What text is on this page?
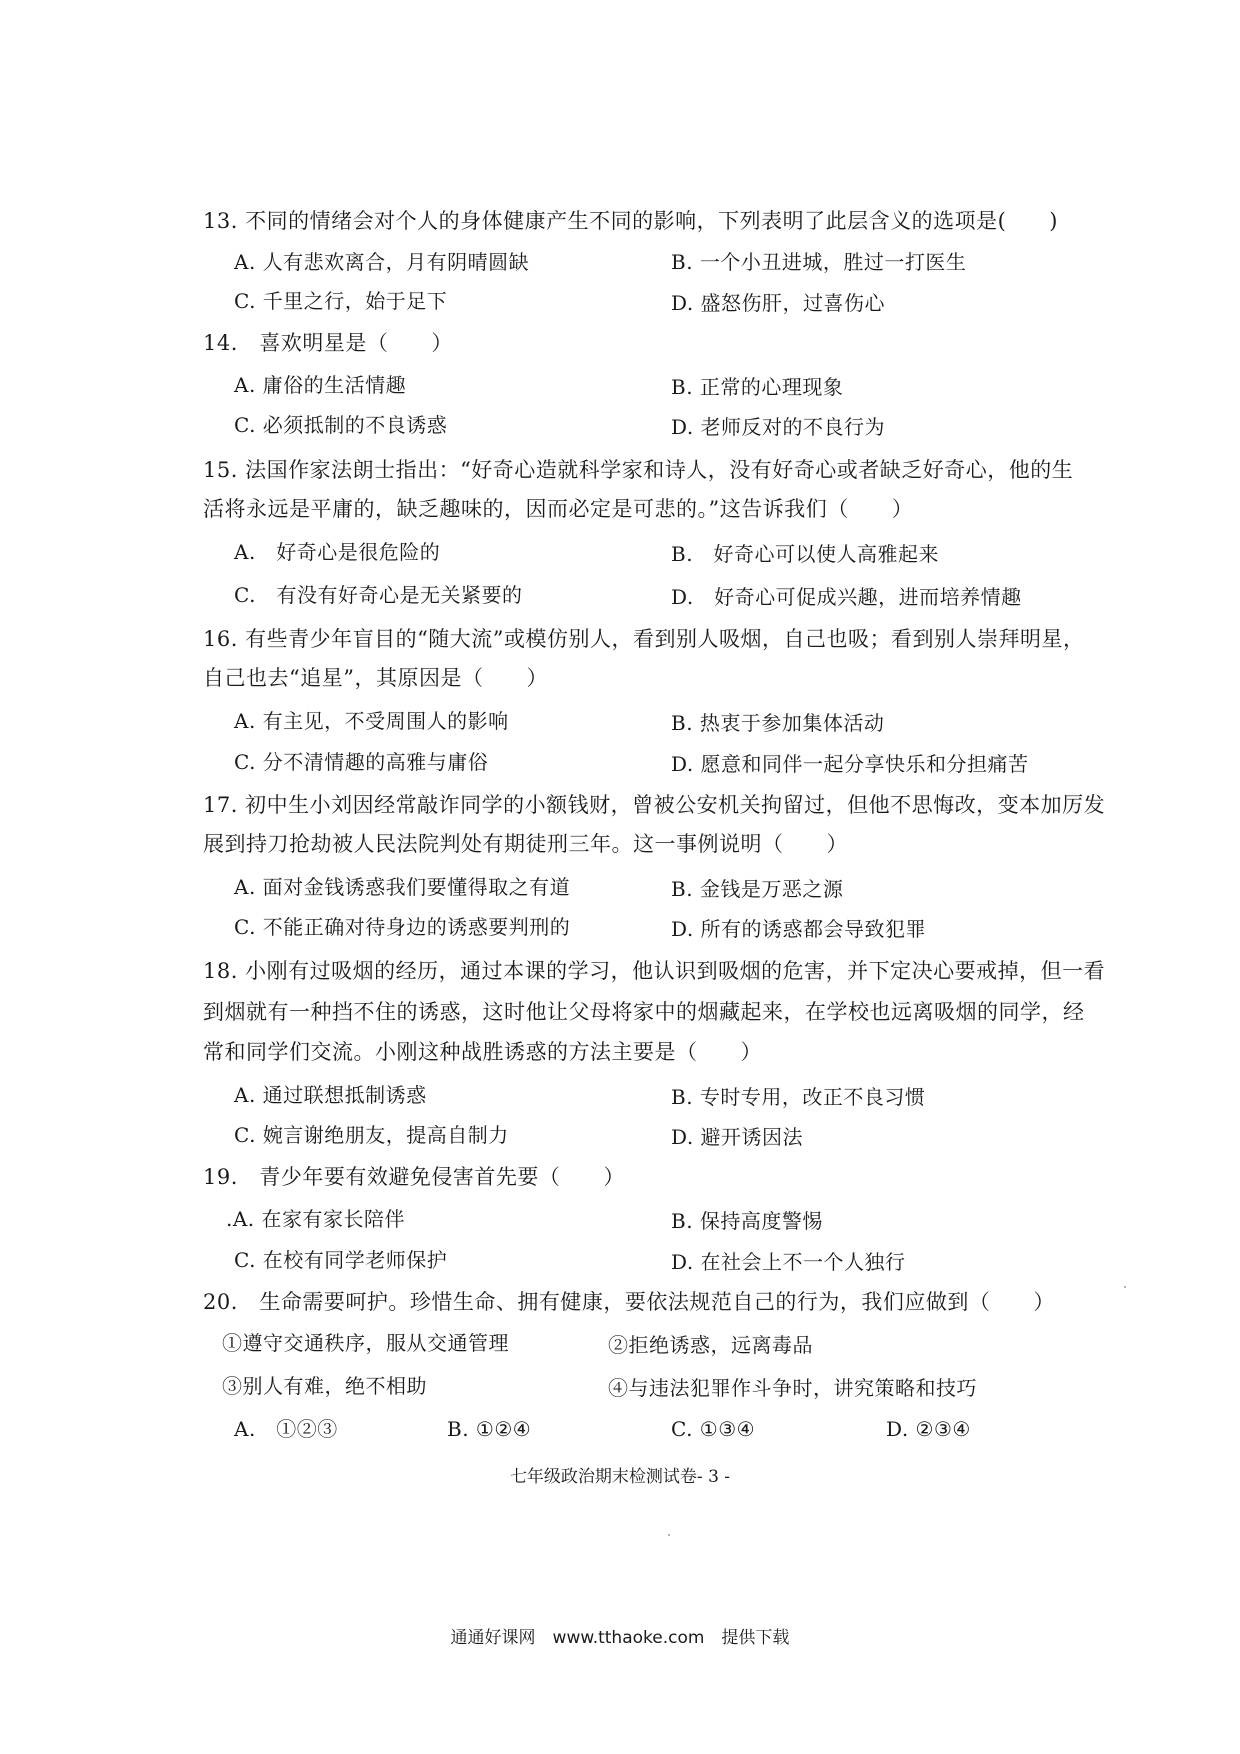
13. 不同的情绪会对个人的身体健康产生不同的影响，下列表明了此层含义的选项是(　　)
A. 人有悲欢离合，月有阴晴圆缺	B. 一个小丑进城，胜过一打医生
C. 千里之行，始于足下	D. 盛怒伤肝，过喜伤心
14.　喜欢明星是（　　）
A. 庸俗的生活情趣	B. 正常的心理现象
C. 必须抵制的不良诱惑	D. 老师反对的不良行为
15. 法国作家法朗士指出：“好奇心造就科学家和诗人，没有好奇心或者缺乏好奇心，他的生
活将永远是平庸的，缺乏趣味的，因而必定是可悲的。”这告诉我们（　　）
A.　好奇心是很危险的	B.　好奇心可以使人高雅起来
C.　有没有好奇心是无关紧要的	D.　好奇心可促成兴趣，进而培养情趣
16. 有些青少年盲目的“随大流”或模仿别人，看到别人吸烟，自己也吸；看到别人崇拜明星，
自己也去“追星”，其原因是（　　）
A. 有主见，不受周围人的影响	B. 热衷于参加集体活动
C. 分不清情趣的高雅与庸俗	D. 愿意和同伴一起分享快乐和分担痛苦
17. 初中生小刘因经常敲诈同学的小额钱财，曾被公安机关拘留过，但他不思悔改，变本加厉发
展到持刀抢劫被人民法院判处有期徒刑三年。这一事例说明（　　）
A. 面对金钱诱惑我们要懂得取之有道	B. 金钱是万恶之源
C. 不能正确对待身边的诱惑要判刑的	D. 所有的诱惑都会导致犯罪
18. 小刚有过吸烟的经历，通过本课的学习，他认识到吸烟的危害，并下定决心要戒掉，但一看
到烟就有一种挡不住的诱惑，这时他让父母将家中的烟藏起来，在学校也远离吸烟的同学，经
常和同学们交流。小刚这种战胜诱惑的方法主要是（　　）
A. 通过联想抵制诱惑	B. 专时专用，改正不良习惯
C. 婉言谢绝朋友，提高自制力	D. 避开诱因法
19.　青少年要有效避免侵害首先要（　　）
.A. 在家有家长陪伴	B. 保持高度警惕
C. 在校有同学老师保护	D. 在社会上不一个人独行
20.　生命需要呵护。珍惜生命、拥有健康，要依法规范自己的行为，我们应做到（　　）
①遵守交通秩序，服从交通管理	②拒绝诱惑，远离毒品
③别人有难，绝不相助	④与违法犯罪作斗争时，讲究策略和技巧
A.　①②③	B. ①②④	C. ①③④	D. ②③④
七年级政治期末检测试卷- 3 -
通通好课网　www.tthaoke.com　提供下载
